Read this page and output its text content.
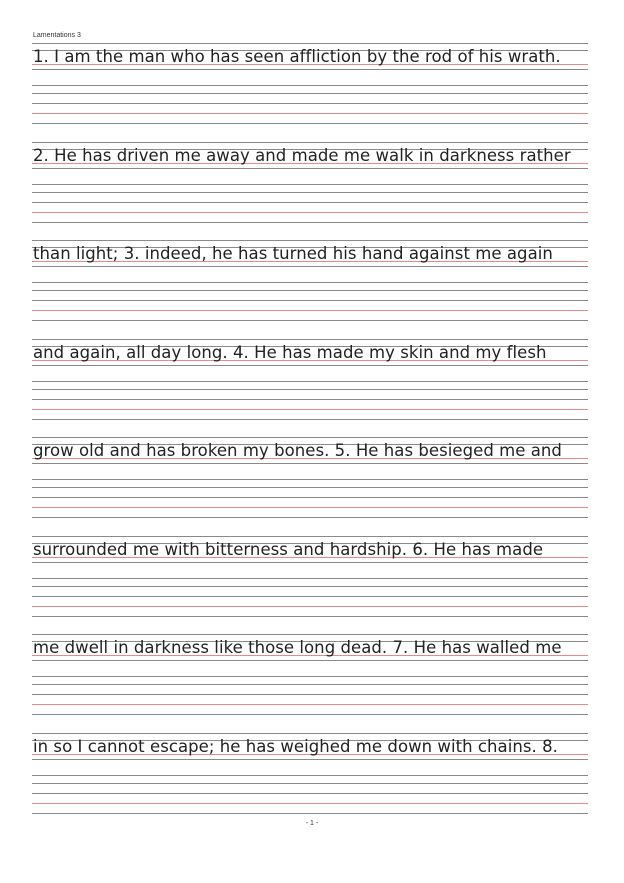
Lamentations 3
1. I am the man who has seen affliction by the rod of his wrath.
2. He has driven me away and made me walk in darkness rather
than light; 3. indeed, he has turned his hand against me again
and again, all day long. 4. He has made my skin and my flesh
grow old and has broken my bones. 5. He has besieged me and
surrounded me with bitterness and hardship. 6. He has made
me dwell in darkness like those long dead. 7. He has walled me
in so I cannot escape; he has weighed me down with chains. 8.
- 1 -
